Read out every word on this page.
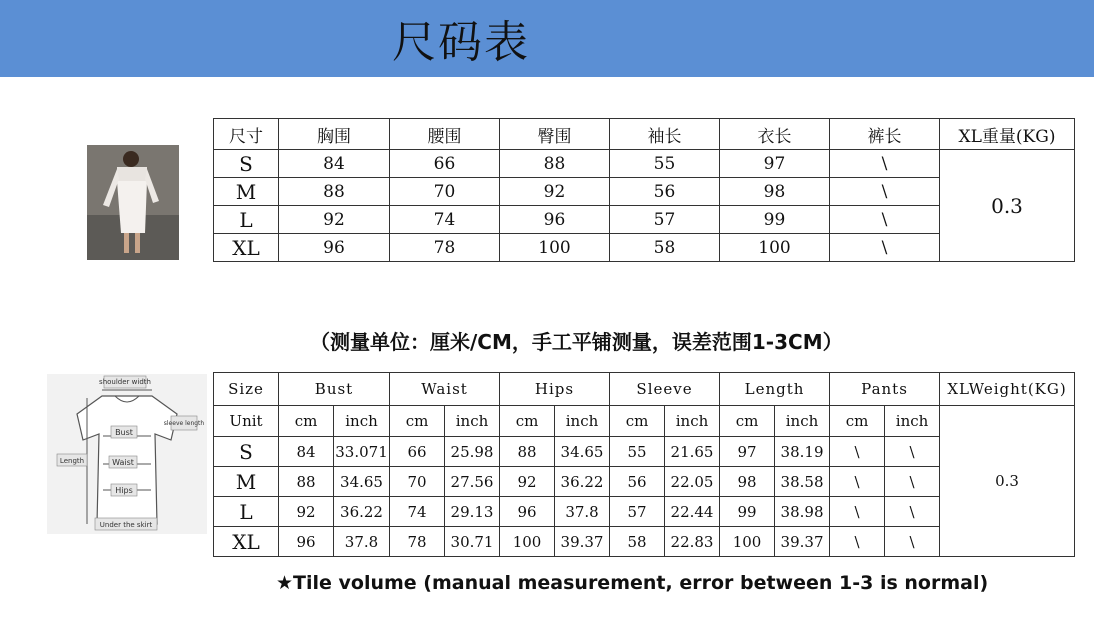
尺码表
尺寸	胸围	腰围	臀围	袖长	衣长	裤长	XL重量(KG)
S	84	66	88	55	97	\	0.3
M	88	70	92	56	98	\	
L	92	74	96	57	99	\	
XL	96	78	100	58	100	\	
（测量单位：厘米/CM，手工平铺测量，误差范围1-3CM）
shoulder width
sleeve length
Bust
Waist
Hips
Length
Under the skirt
Size	Bust		Waist		Hips		Sleeve		Length		Pants		XLWeight(KG)
Unit	cm	inch	cm	inch	cm	inch	cm	inch	cm	inch	cm	inch	0.3
S	84	33.071	66	25.98	88	34.65	55	21.65	97	38.19	\	\	
M	88	34.65	70	27.56	92	36.22	56	22.05	98	38.58	\	\	
L	92	36.22	74	29.13	96	37.8	57	22.44	99	38.98	\	\	
XL	96	37.8	78	30.71	100	39.37	58	22.83	100	39.37	\	\	
★Tile volume (manual measurement, error between 1-3 is normal)
